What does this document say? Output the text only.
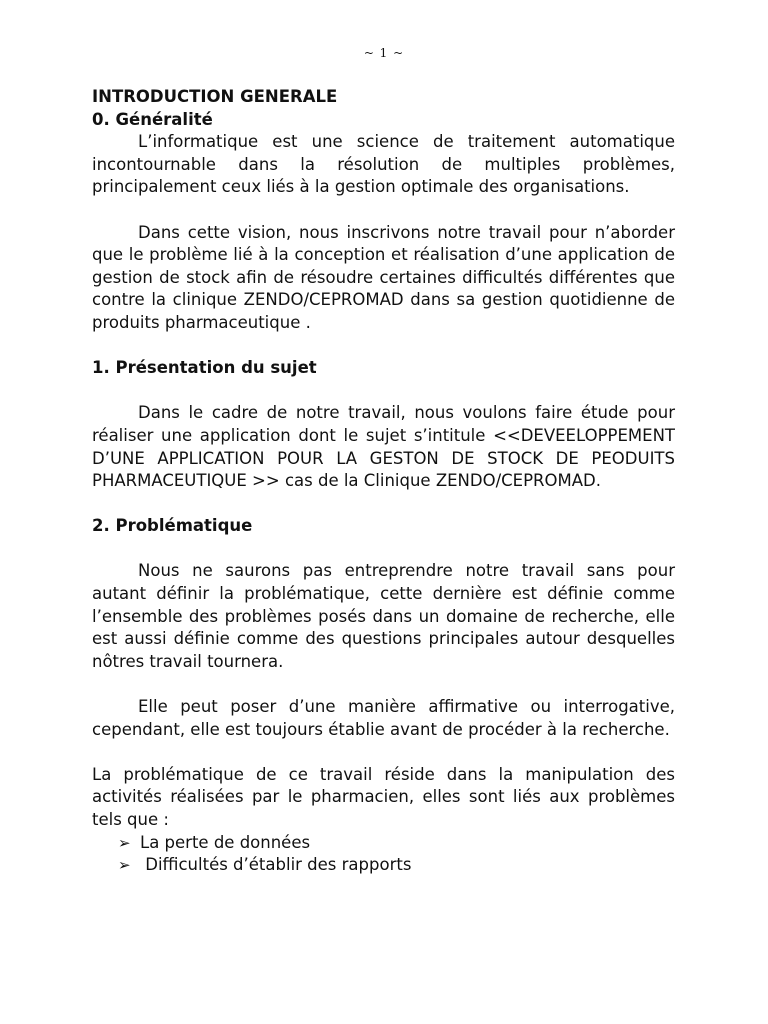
~ 1 ~

INTRODUCTION GENERALE

0. Généralité

L’informatique est une science de traitement automatique incontournable dans la résolution de multiples problèmes, principalement ceux liés à la gestion optimale des organisations.

Dans cette vision, nous inscrivons notre travail pour n’aborder que le problème lié à la conception et réalisation d’une application de gestion de stock afin de résoudre certaines difficultés différentes que contre la clinique ZENDO/CEPROMAD dans sa gestion quotidienne de produits pharmaceutique .

1. Présentation du sujet

Dans le cadre de notre travail, nous voulons faire étude pour réaliser une application dont le sujet s’intitule <<DEVEELOPPEMENT D’UNE APPLICATION POUR LA GESTON DE STOCK DE PEODUITS PHARMACEUTIQUE >> cas de la Clinique ZENDO/CEPROMAD.

2. Problématique

Nous ne saurons pas entreprendre notre travail sans pour autant définir la problématique, cette dernière est définie comme l’ensemble des problèmes posés dans un domaine de recherche, elle est aussi définie comme des questions principales autour desquelles nôtres travail tournera.

Elle peut poser d’une manière affirmative ou interrogative, cependant, elle est toujours établie avant de procéder à la recherche.

La problématique de ce travail réside dans la manipulation des activités réalisées par le pharmacien, elles sont liés aux problèmes tels que :

➢ La perte de données
➢ Difficultés d’établir des rapports
